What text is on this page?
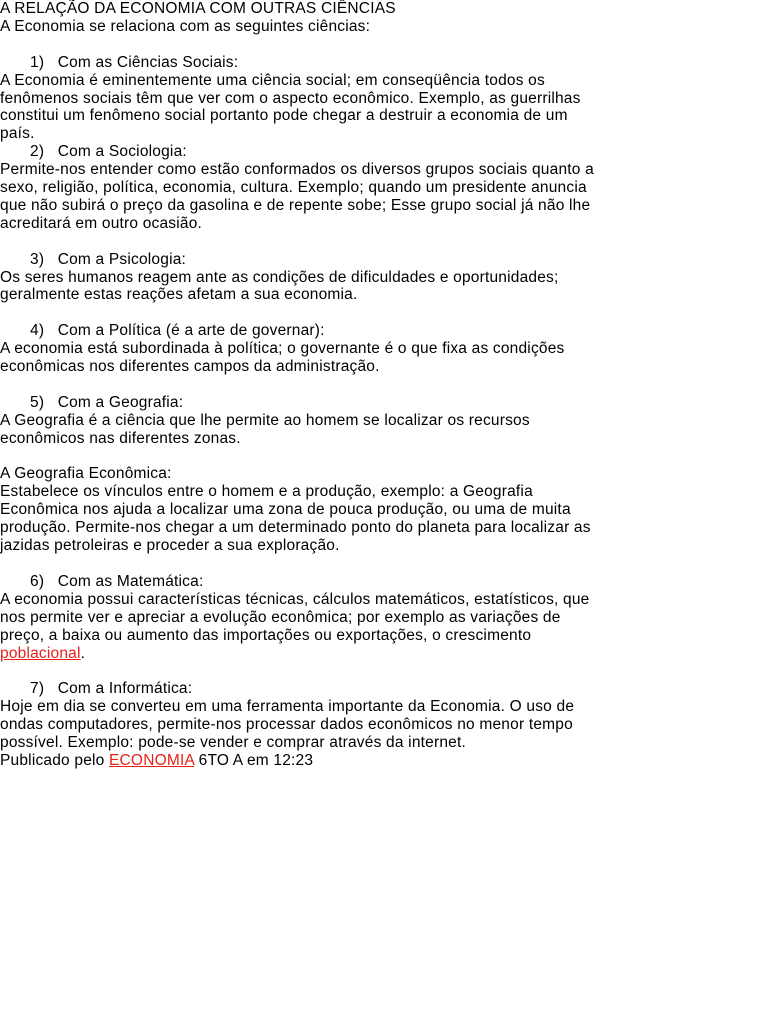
A RELAÇÃO DA ECONOMIA COM OUTRAS CIÊNCIAS
A Economia se relaciona com as seguintes ciências:
1) Com as Ciências Sociais:
A Economia é eminentemente uma ciência social; em conseqüência todos os
fenômenos sociais têm que ver com o aspecto econômico. Exemplo, as guerrilhas
constitui um fenômeno social portanto pode chegar a destruir a economia de um
país.
2) Com a Sociologia:
Permite-nos entender como estão conformados os diversos grupos sociais quanto a
sexo, religião, política, economia, cultura. Exemplo; quando um presidente anuncia
que não subirá o preço da gasolina e de repente sobe; Esse grupo social já não lhe
acreditará em outro ocasião.
3) Com a Psicologia:
Os seres humanos reagem ante as condições de dificuldades e oportunidades;
geralmente estas reações afetam a sua economia.
4) Com a Política (é a arte de governar):
A economia está subordinada à política; o governante é o que fixa as condições
econômicas nos diferentes campos da administração.
5) Com a Geografia:
A Geografia é a ciência que lhe permite ao homem se localizar os recursos
econômicos nas diferentes zonas.
A Geografia Econômica:
Estabelece os vínculos entre o homem e a produção, exemplo: a Geografia
Econômica nos ajuda a localizar uma zona de pouca produção, ou uma de muita
produção. Permite-nos chegar a um determinado ponto do planeta para localizar as
jazidas petroleiras e proceder a sua exploração.
6) Com as Matemática:
A economia possui características técnicas, cálculos matemáticos, estatísticos, que
nos permite ver e apreciar a evolução econômica; por exemplo as variações de
preço, a baixa ou aumento das importações ou exportações, o crescimento
poblacional.
7) Com a Informática:
Hoje em dia se converteu em uma ferramenta importante da Economia. O uso de
ondas computadores, permite-nos processar dados econômicos no menor tempo
possível. Exemplo: pode-se vender e comprar através da internet.
Publicado pelo ECONOMIA 6TO A em 12:23
